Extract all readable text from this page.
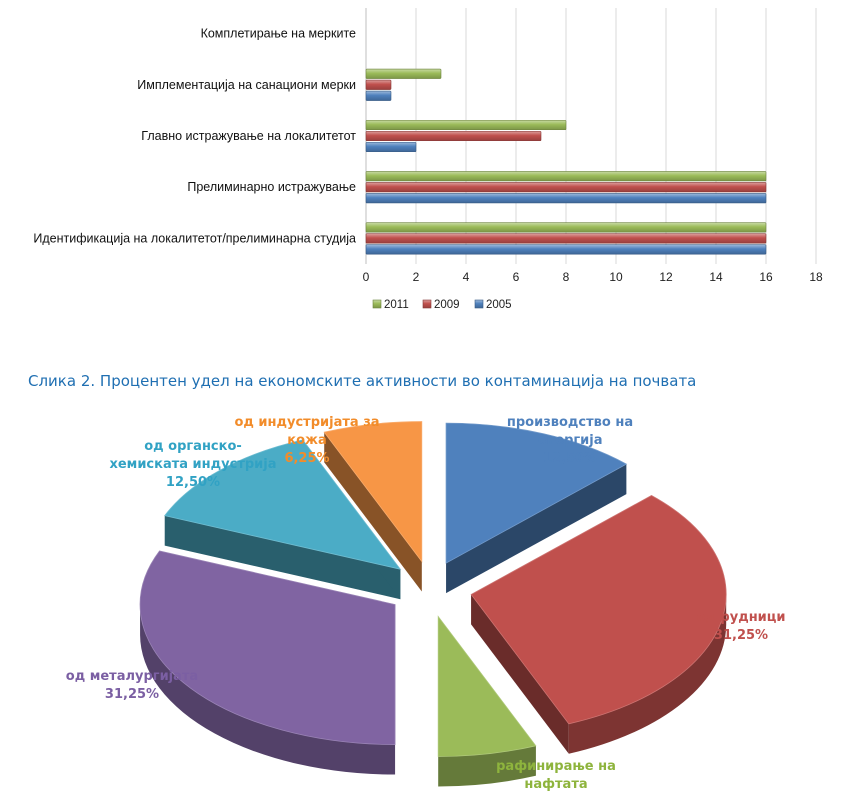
0	2	4	6	8	10	12	14	16	18
Комплетирање на мерките
Имплементација на санациони мерки
Главно истражување на локалитетот
Прелиминарно истражување
Идентификација на локалитетот/прелиминарна студија
2011 2009 2005

Слика 2. Процентен удел на економските активности во контаминација на почвата

производство на енергија 12,50%
од рудници 31,25%
рафинирање на нафтата
од металургијата 31,25%
од органско-хемиската индустрија 12,50%
од индустријата за кожа 6,25%
